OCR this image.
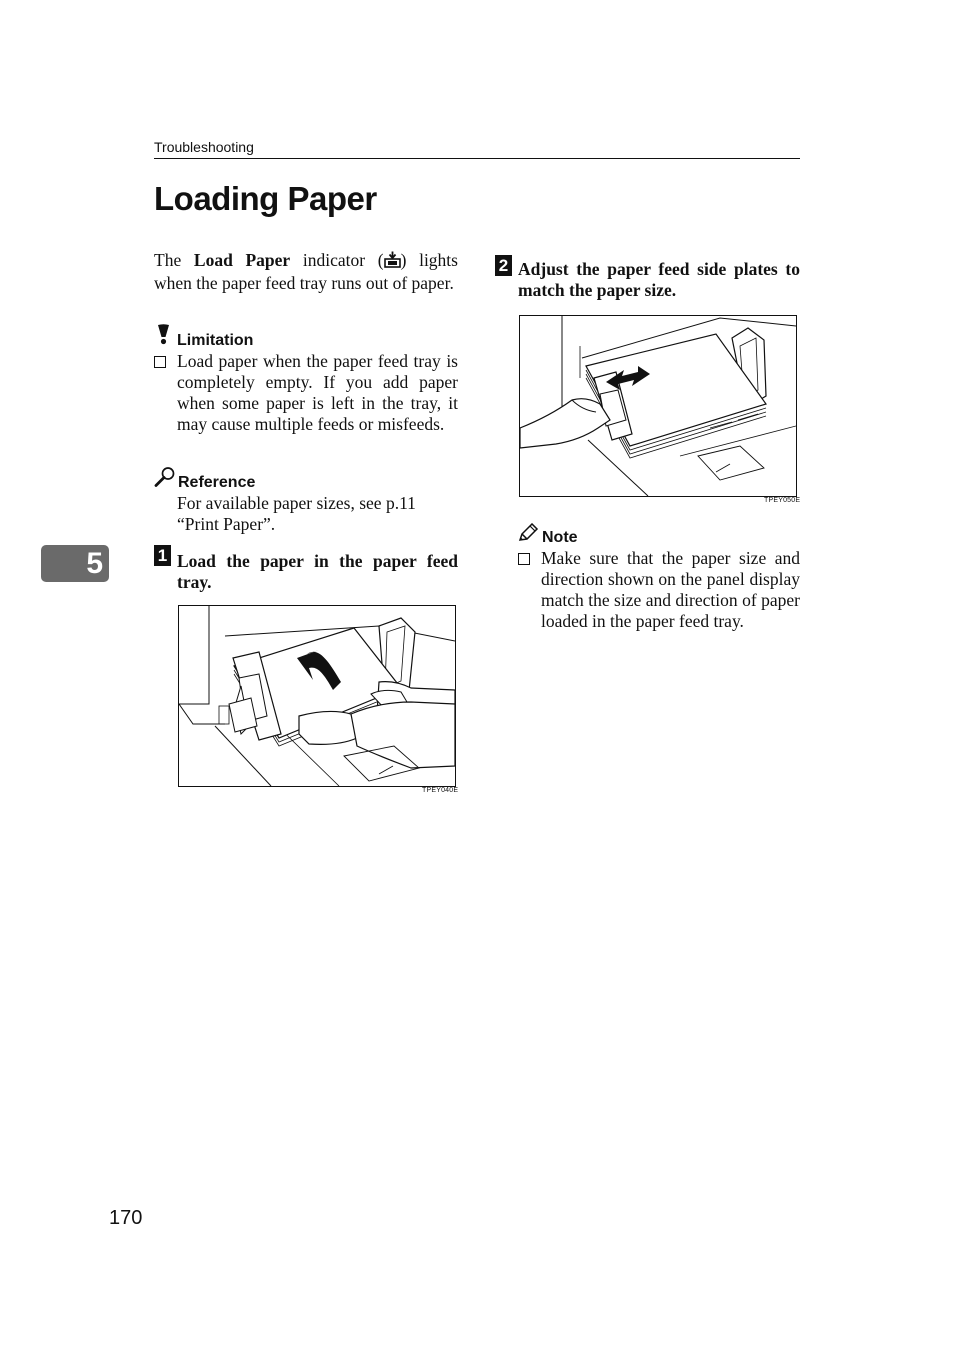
Troubleshooting
Loading Paper
5
The Load Paper indicator ( ) lights when the paper feed tray runs out of paper.
Limitation
Load paper when the paper feed tray is completely empty. If you add paper when some paper is left in the tray, it may cause multiple feeds or misfeeds.
Reference
For available paper sizes, see p.11 “Print Paper”.
1 Load the paper in the paper feed tray.
TPEY040E
2 Adjust the paper feed side plates to match the paper size.
TPEY050E
Note
Make sure that the paper size and direction shown on the panel display match the size and direction of paper loaded in the paper feed tray.
170
